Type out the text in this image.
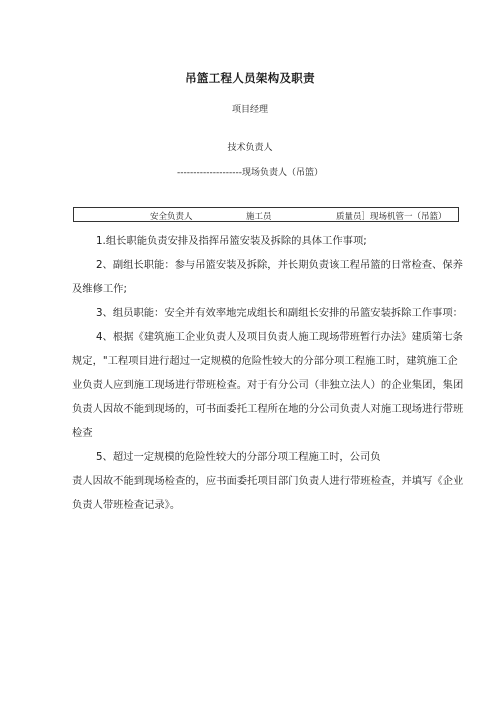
吊篮工程人员架构及职责
项目经理
技术负责人
--------------------现场负责人（吊篮）
安全负责人	施工员	质量员］现场机管一（吊篮）

1.组长职能负责安排及指挥吊篮安装及拆除的具体工作事项;

2、副组长职能：参与吊篮安装及拆除，并长期负责该工程吊篮的日常检查、保养及维修工作;

3、组员职能：安全并有效率地完成组长和副组长安排的吊篮安装拆除工作事项：

4、根据《建筑施工企业负责人及项目负责人施工现场带班暂行办法》建质第七条规定，"工程项目进行超过一定规模的危险性较大的分部分项工程施工时，建筑施工企业负责人应到施工现场进行带班检查。对于有分公司（非独立法人）的企业集团，集团负责人因故不能到现场的，可书面委托工程所在地的分公司负责人对施工现场进行带班检查

5、超过一定规模的危险性较大的分部分项工程施工时，公司负

责人因故不能到现场检查的，应书面委托项目部门负责人进行带班检查，并填写《企业负责人带班检查记录》。
